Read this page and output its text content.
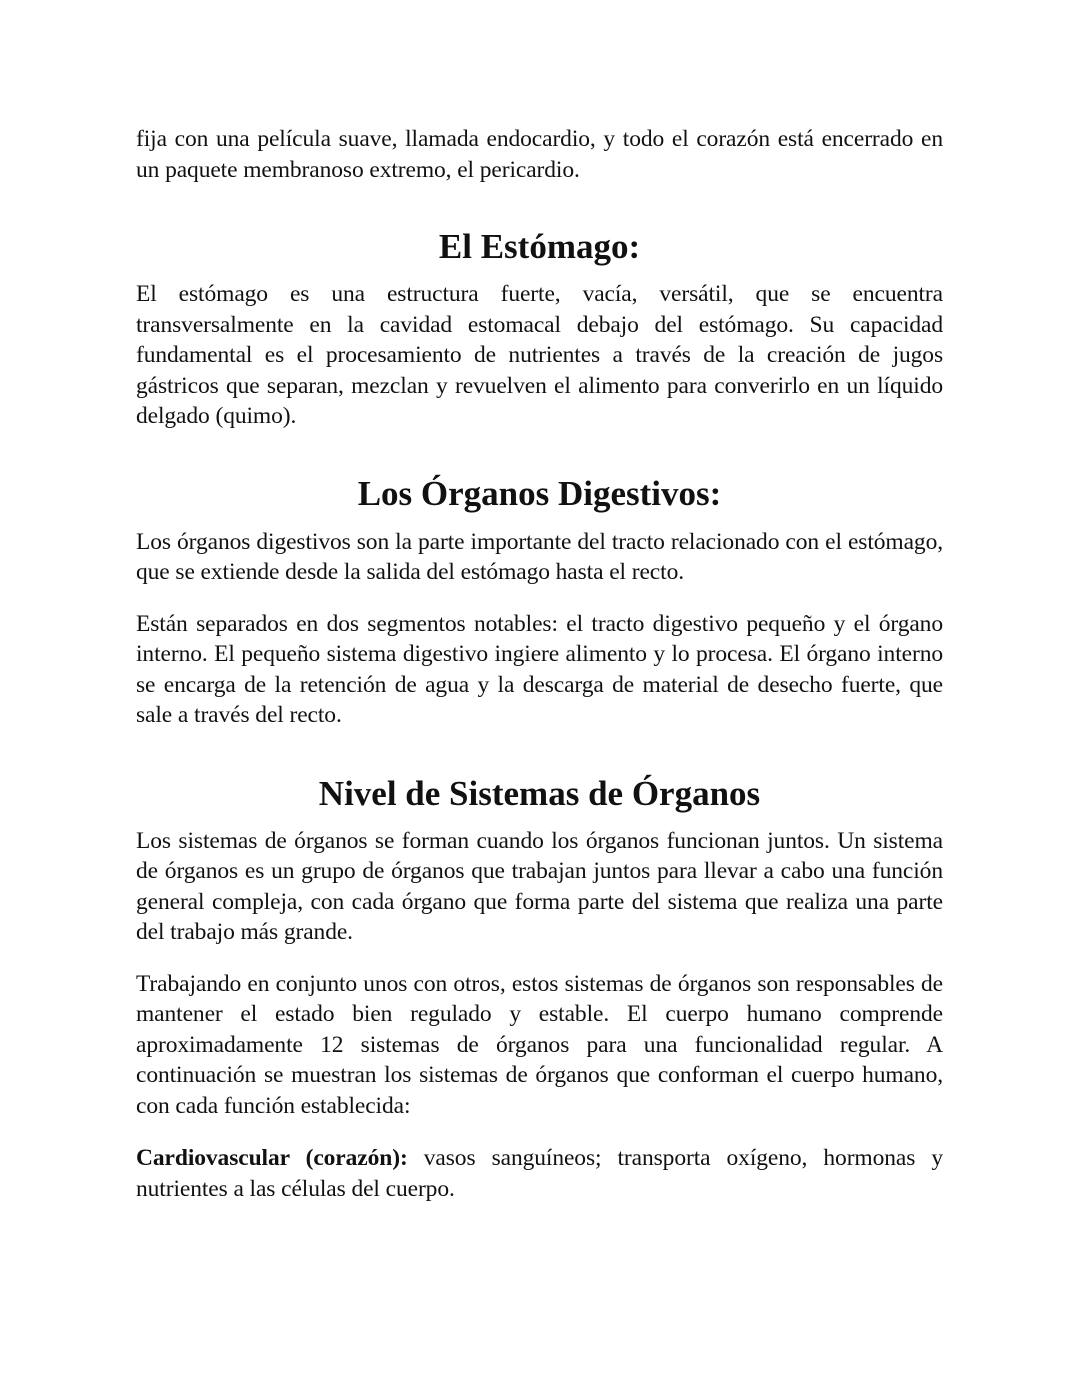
fija con una película suave, llamada endocardio, y todo el corazón está encerrado en un paquete membranoso extremo, el pericardio.

El Estómago:

El estómago es una estructura fuerte, vacía, versátil, que se encuentra transversalmente en la cavidad estomacal debajo del estómago. Su capacidad fundamental es el procesamiento de nutrientes a través de la creación de jugos gástricos que separan, mezclan y revuelven el alimento para converirlo en un líquido delgado (quimo).

Los Órganos Digestivos:

Los órganos digestivos son la parte importante del tracto relacionado con el estómago, que se extiende desde la salida del estómago hasta el recto.

Están separados en dos segmentos notables: el tracto digestivo pequeño y el órgano interno. El pequeño sistema digestivo ingiere alimento y lo procesa. El órgano interno se encarga de la retención de agua y la descarga de material de desecho fuerte, que sale a través del recto.

Nivel de Sistemas de Órganos

Los sistemas de órganos se forman cuando los órganos funcionan juntos. Un sistema de órganos es un grupo de órganos que trabajan juntos para llevar a cabo una función general compleja, con cada órgano que forma parte del sistema que realiza una parte del trabajo más grande.

Trabajando en conjunto unos con otros, estos sistemas de órganos son responsables de mantener el estado bien regulado y estable. El cuerpo humano comprende aproximadamente 12 sistemas de órganos para una funcionalidad regular. A continuación se muestran los sistemas de órganos que conforman el cuerpo humano, con cada función establecida:

Cardiovascular (corazón): vasos sanguíneos; transporta oxígeno, hormonas y nutrientes a las células del cuerpo.
